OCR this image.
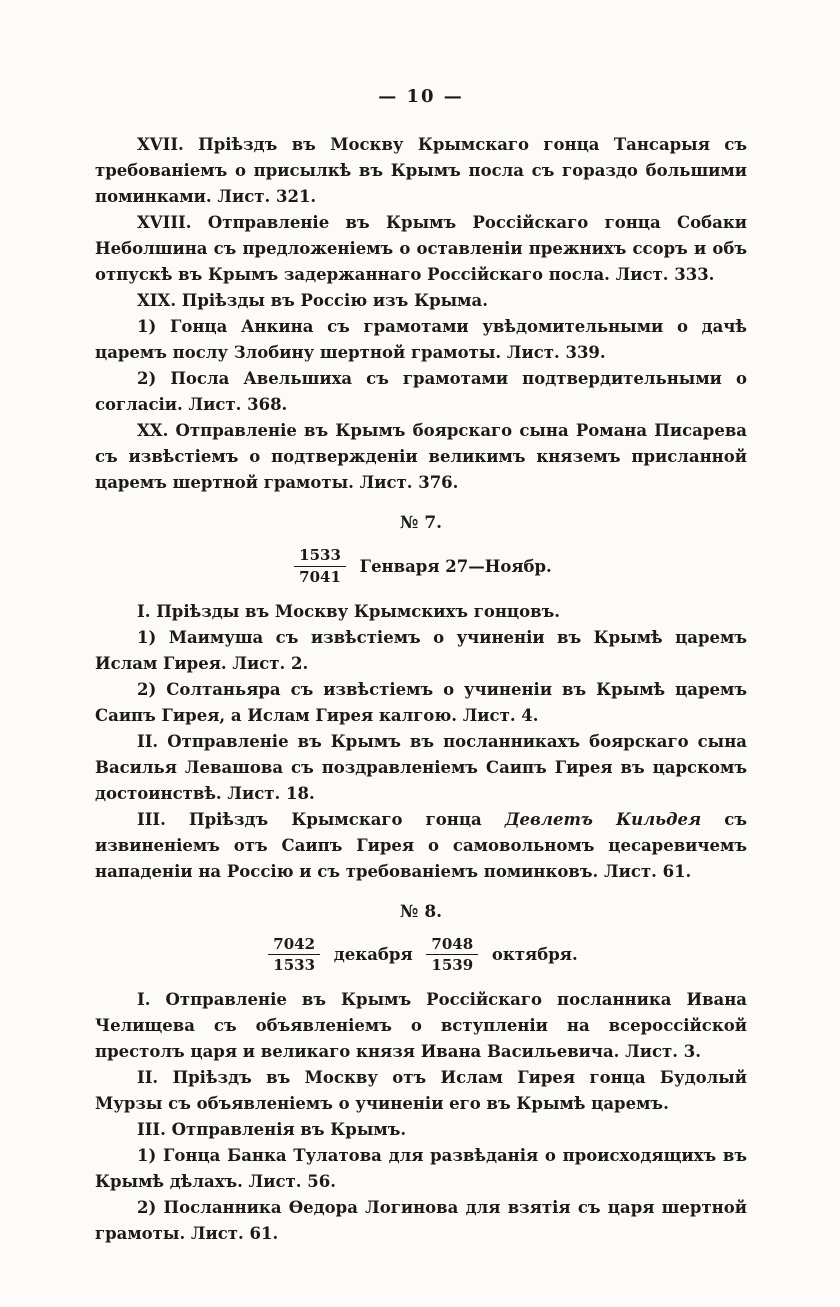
— 10 —

XVII. Пріѣздъ въ Москву Крымскаго гонца Тансарыя съ требованіемъ о присылкѣ въ Крымъ посла съ гораздо большими поминками. Лист. 321.

XVIII. Отправленіе въ Крымъ Россійскаго гонца Собаки Неболшина съ предложеніемъ о оставленіи прежнихъ ссоръ и объ отпускѣ въ Крымъ задержаннаго Россійскаго посла. Лист. 333.

XIX. Пріѣзды въ Россію изъ Крыма.

1) Гонца Анкина съ грамотами увѣдомительными о дачѣ царемъ послу Злобину шертной грамоты. Лист. 339.

2) Посла Авельшиха съ грамотами подтвердительными о согласіи. Лист. 368.

XX. Отправленіе въ Крымъ боярскаго сына Романа Писарева съ извѣстіемъ о подтвержденіи великимъ княземъ присланной царемъ шертной грамоты. Лист. 376.

№ 7.
$\frac{1533}{7041}$ Генваря 27—Ноябр.

I. Пріѣзды въ Москву Крымскихъ гонцовъ.

1) Маимуша съ извѣстіемъ о учиненіи въ Крымѣ царемъ Ислам Гирея. Лист. 2.

2) Солтаньяра съ извѣстіемъ о учиненіи въ Крымѣ царемъ Саипъ Гирея, а Ислам Гирея калгою. Лист. 4.

II. Отправленіе въ Крымъ въ посланникахъ боярскаго сына Василья Левашова съ поздравленіемъ Саипъ Гирея въ царскомъ достоинствѣ. Лист. 18.

III. Пріѣздъ Крымскаго гонца Девлетъ Кильдея съ извиненіемъ отъ Саипъ Гирея о самовольномъ цесаревичемъ нападеніи на Россію и съ требованіемъ поминковъ. Лист. 61.

№ 8.
$\frac{7042}{1533}$ декабря $\frac{7048}{1539}$ октября.

I. Отправленіе въ Крымъ Россійскаго посланника Ивана Челищева съ объявленіемъ о вступленіи на всероссійской престолъ царя и великаго князя Ивана Васильевича. Лист. 3.

II. Пріѣздъ въ Москву отъ Ислам Гирея гонца Будолый Мурзы съ объявленіемъ о учиненіи его въ Крымѣ царемъ.

III. Отправленія въ Крымъ.

1) Гонца Банка Тулатова для развѣданія о происходящихъ въ Крымѣ дѣлахъ. Лист. 56.

2) Посланника Ѳедора Логинова для взятія съ царя шертной грамоты. Лист. 61.
